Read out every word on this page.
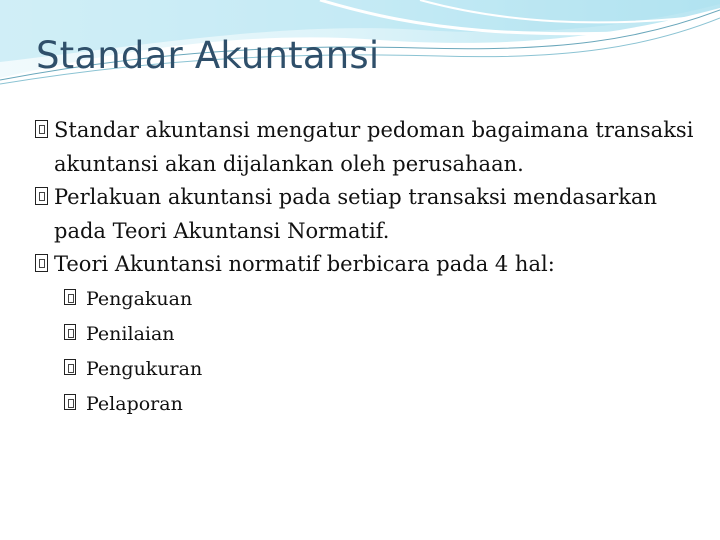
Standar Akuntansi
Standar akuntansi mengatur pedoman bagaimana transaksi akuntansi akan dijalankan oleh perusahaan.
Perlakuan akuntansi pada setiap transaksi mendasarkan pada Teori Akuntansi Normatif.
Teori Akuntansi normatif berbicara pada 4 hal:
Pengakuan
Penilaian
Pengukuran
Pelaporan
